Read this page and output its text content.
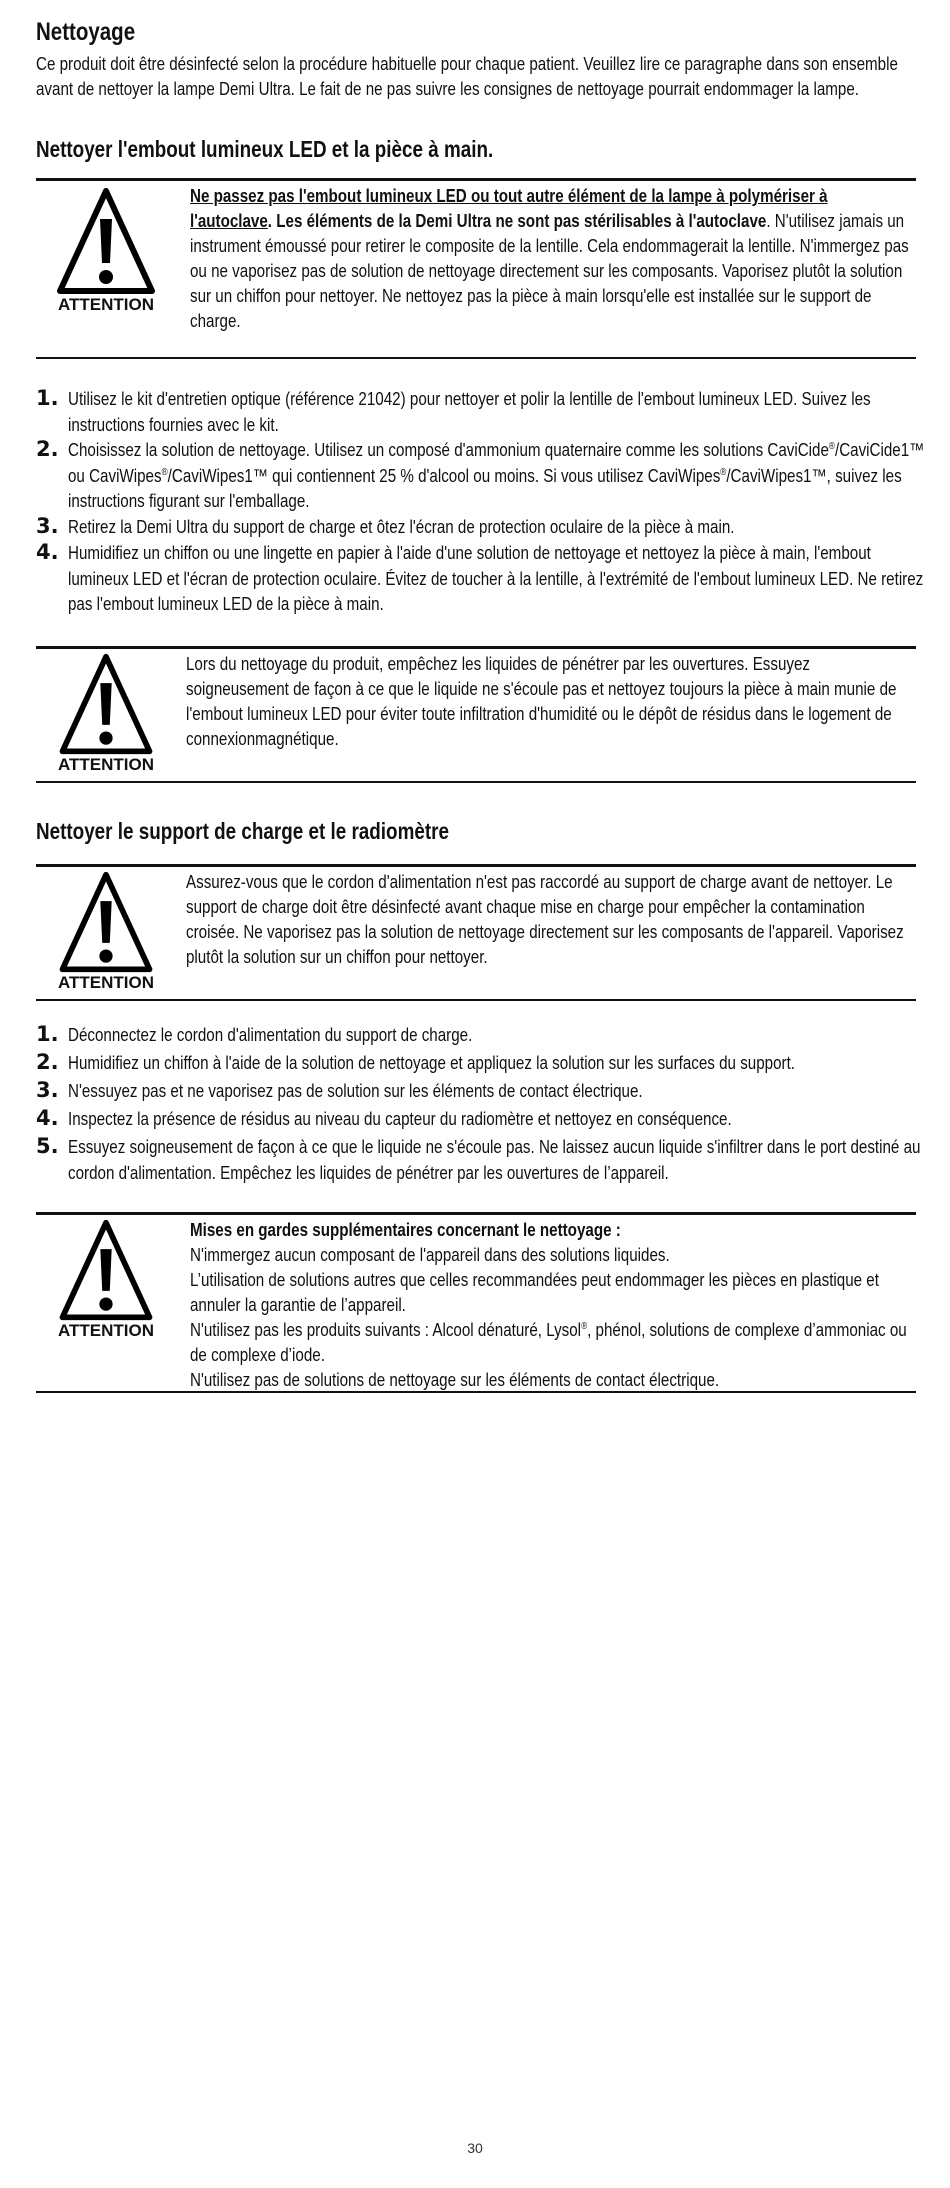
Nettoyage

Ce produit doit être désinfecté selon la procédure habituelle pour chaque patient. Veuillez lire ce paragraphe dans son ensemble
avant de nettoyer la lampe Demi Ultra. Le fait de ne pas suivre les consignes de nettoyage pourrait endommager la lampe.

Nettoyer l'embout lumineux LED et la pièce à main.
ATTENTION
Ne passez pas l'embout lumineux LED ou tout autre élément de la lampe à polymériser à l'autoclave. Les éléments de la Demi Ultra ne sont pas stérilisables à l'autoclave. N'utilisez jamais un instrument émoussé pour retirer le composite de la lentille. Cela endommagerait la lentille. N'immergez pas ou ne vaporisez pas de solution de nettoyage directement sur les composants. Vaporisez plutôt la solution sur un chiffon pour nettoyer. Ne nettoyez pas la pièce à main lorsqu'elle est installée sur le support de charge.
1. Utilisez le kit d'entretien optique (référence 21042) pour nettoyer et polir la lentille de l'embout lumineux LED. Suivez les instructions fournies avec le kit.
2. Choisissez la solution de nettoyage. Utilisez un composé d'ammonium quaternaire comme les solutions CaviCide®/CaviCide1™ ou CaviWipes®/CaviWipes1™ qui contiennent 25 % d'alcool ou moins. Si vous utilisez CaviWipes®/CaviWipes1™, suivez les instructions figurant sur l'emballage.
3. Retirez la Demi Ultra du support de charge et ôtez l'écran de protection oculaire de la pièce à main.
4. Humidifiez un chiffon ou une lingette en papier à l'aide d'une solution de nettoyage et nettoyez la pièce à main, l'embout lumineux LED et l'écran de protection oculaire. Évitez de toucher à la lentille, à l'extrémité de l'embout lumineux LED. Ne retirez pas l'embout lumineux LED de la pièce à main.
ATTENTION
Lors du nettoyage du produit, empêchez les liquides de pénétrer par les ouvertures. Essuyez soigneusement de façon à ce que le liquide ne s'écoule pas et nettoyez toujours la pièce à main munie de l'embout lumineux LED pour éviter toute infiltration d'humidité ou le dépôt de résidus dans le logement de connexionmagnétique.
Nettoyer le support de charge et le radiomètre
ATTENTION
Assurez-vous que le cordon d'alimentation n'est pas raccordé au support de charge avant de nettoyer. Le support de charge doit être désinfecté avant chaque mise en charge pour empêcher la contamination croisée. Ne vaporisez pas la solution de nettoyage directement sur les composants de l'appareil. Vaporisez plutôt la solution sur un chiffon pour nettoyer.
1. Déconnectez le cordon d'alimentation du support de charge.
2. Humidifiez un chiffon à l'aide de la solution de nettoyage et appliquez la solution sur les surfaces du support.
3. N'essuyez pas et ne vaporisez pas de solution sur les éléments de contact électrique.
4. Inspectez la présence de résidus au niveau du capteur du radiomètre et nettoyez en conséquence.
5. Essuyez soigneusement de façon à ce que le liquide ne s'écoule pas. Ne laissez aucun liquide s'infiltrer dans le port destiné au cordon d'alimentation. Empêchez les liquides de pénétrer par les ouvertures de l’appareil.
ATTENTION
Mises en gardes supplémentaires concernant le nettoyage :
N'immergez aucun composant de l'appareil dans des solutions liquides.
L’utilisation de solutions autres que celles recommandées peut endommager les pièces en plastique et annuler la garantie de l’appareil.
N'utilisez pas les produits suivants : Alcool dénaturé, Lysol®, phénol, solutions de complexe d’ammoniac ou de complexe d’iode.
N'utilisez pas de solutions de nettoyage sur les éléments de contact électrique.
30
